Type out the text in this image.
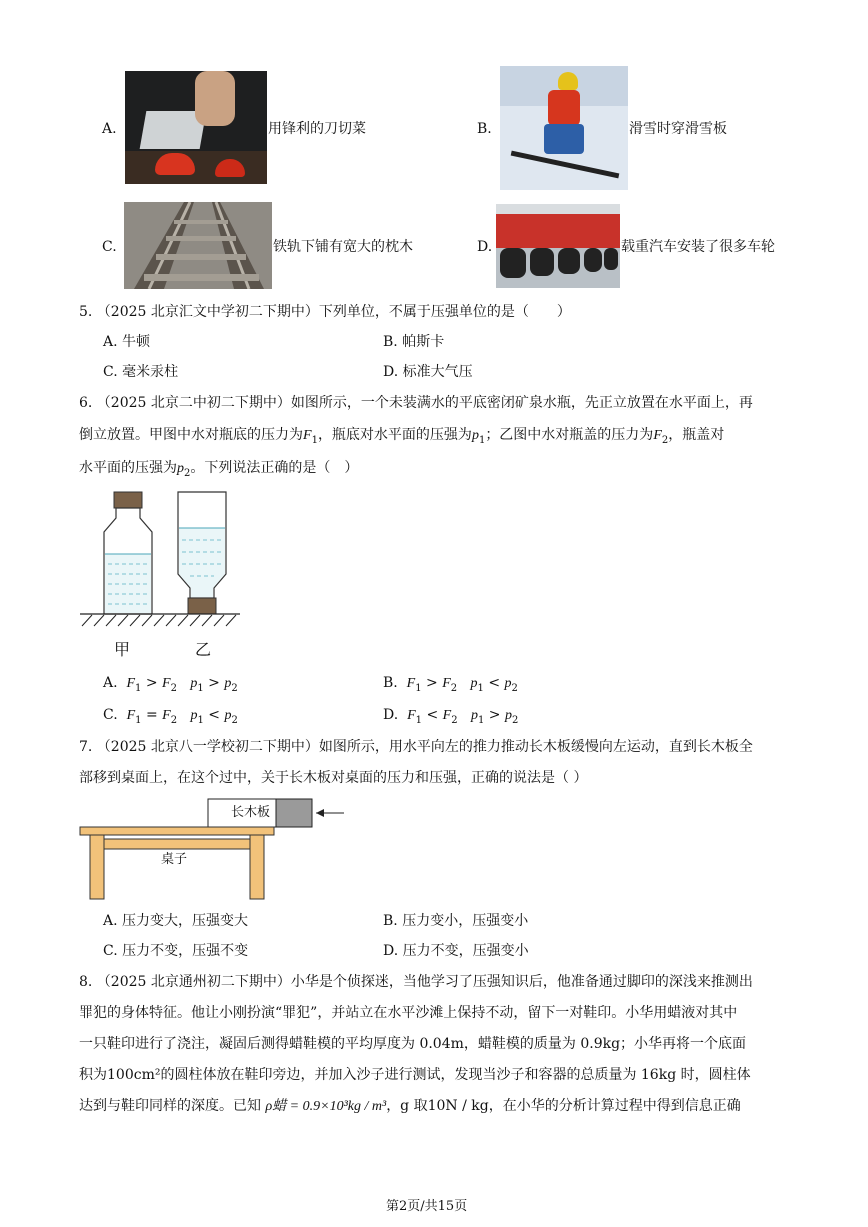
A.	用锋利的刀切菜	B.	滑雪时穿滑雪板
C.	铁轨下铺有宽大的枕木	D.	载重汽车安装了很多车轮
5. （2025 北京汇文中学初二下期中）下列单位，不属于压强单位的是（　　）
A. 牛顿	B. 帕斯卡
C. 毫米汞柱	D. 标准大气压
6. （2025 北京二中初二下期中）如图所示，一个未装满水的平底密闭矿泉水瓶，先正立放置在水平面上，再
倒立放置。甲图中水对瓶底的压力为$F_1$，瓶底对水平面的压强为$p_1$；乙图中水对瓶盖的压力为$F_2$，瓶盖对
水平面的压强为$p_2$。下列说法正确的是（　）
甲	乙
A. $F_1 > F_2$ $p_1 > p_2$	B. $F_1 > F_2$ $p_1 < p_2$
C. $F_1 = F_2$ $p_1 < p_2$	D. $F_1 < F_2$ $p_1 > p_2$
7. （2025 北京八一学校初二下期中）如图所示，用水平向左的推力推动长木板缓慢向左运动，直到长木板全
部移到桌面上，在这个过中，关于长木板对桌面的压力和压强，正确的说法是（ ）
长木板
桌子
A. 压力变大，压强变大	B. 压力变小，压强变小
C. 压力不变，压强不变	D. 压力不变，压强变小
8. （2025 北京通州初二下期中）小华是个侦探迷，当他学习了压强知识后，他准备通过脚印的深浅来推测出
罪犯的身体特征。他让小刚扮演“罪犯”，并站立在水平沙滩上保持不动，留下一对鞋印。小华用蜡液对其中
一只鞋印进行了浇注，凝固后测得蜡鞋模的平均厚度为 0.04m，蜡鞋模的质量为 0.9kg；小华再将一个底面
积为100cm²的圆柱体放在鞋印旁边，并加入沙子进行测试，发现当沙子和容器的总质量为 16kg 时，圆柱体
达到与鞋印同样的深度。已知 ρ蜡 = 0.9×10³kg / m³，g 取10N / kg，在小华的分析计算过程中得到信息正确
第2页/共15页
